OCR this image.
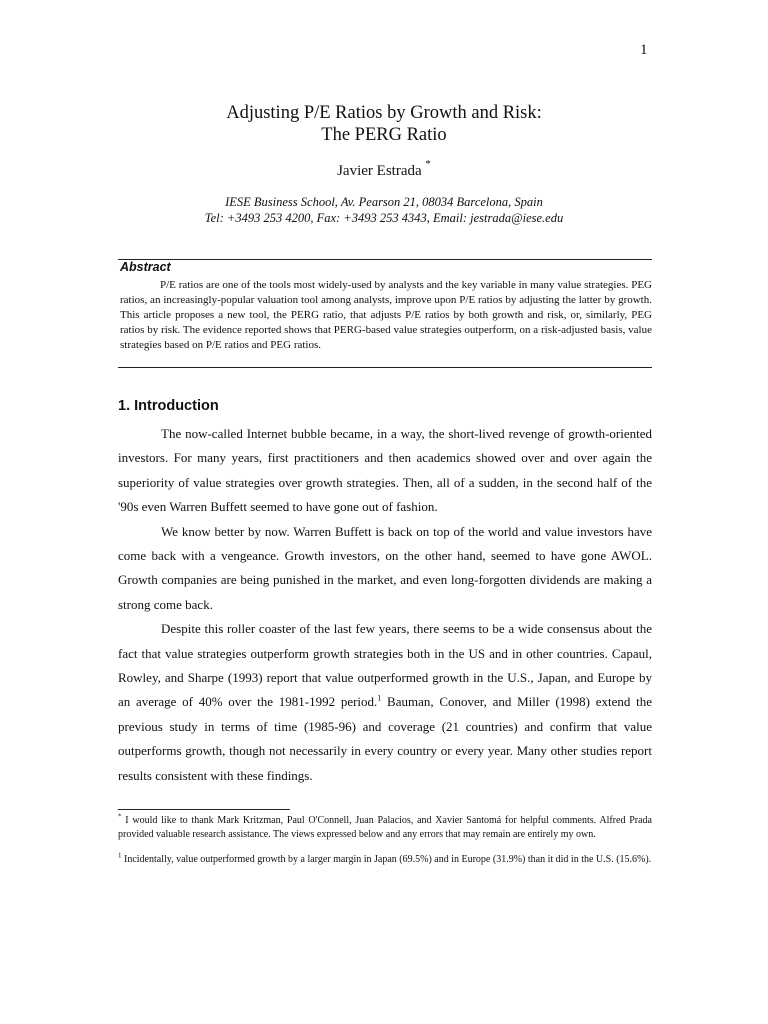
1
Adjusting P/E Ratios by Growth and Risk:
The PERG Ratio
Javier Estrada *
IESE Business School, Av. Pearson 21, 08034 Barcelona, Spain
Tel: +3493 253 4200, Fax: +3493 253 4343, Email: jestrada@iese.edu
Abstract
P/E ratios are one of the tools most widely-used by analysts and the key variable in many value strategies. PEG ratios, an increasingly-popular valuation tool among analysts, improve upon P/E ratios by adjusting the latter by growth. This article proposes a new tool, the PERG ratio, that adjusts P/E ratios by both growth and risk, or, similarly, PEG ratios by risk. The evidence reported shows that PERG-based value strategies outperform, on a risk-adjusted basis, value strategies based on P/E ratios and PEG ratios.
1. Introduction

The now-called Internet bubble became, in a way, the short-lived revenge of growth-oriented investors. For many years, first practitioners and then academics showed over and over again the superiority of value strategies over growth strategies. Then, all of a sudden, in the second half of the '90s even Warren Buffett seemed to have gone out of fashion.

We know better by now. Warren Buffett is back on top of the world and value investors have come back with a vengeance. Growth investors, on the other hand, seemed to have gone AWOL. Growth companies are being punished in the market, and even long-forgotten dividends are making a strong come back.

Despite this roller coaster of the last few years, there seems to be a wide consensus about the fact that value strategies outperform growth strategies both in the US and in other countries. Capaul, Rowley, and Sharpe (1993) report that value outperformed growth in the U.S., Japan, and Europe by an average of 40% over the 1981-1992 period.$^1$ Bauman, Conover, and Miller (1998) extend the previous study in terms of time (1985-96) and coverage (21 countries) and confirm that value outperforms growth, though not necessarily in every country or every year. Many other studies report results consistent with these findings.

* I would like to thank Mark Kritzman, Paul O'Connell, Juan Palacios, and Xavier Santomá for helpful comments. Alfred Prada provided valuable research assistance. The views expressed below and any errors that may remain are entirely my own.

$^1$ Incidentally, value outperformed growth by a larger margin in Japan (69.5%) and in Europe (31.9%) than it did in the U.S. (15.6%).
